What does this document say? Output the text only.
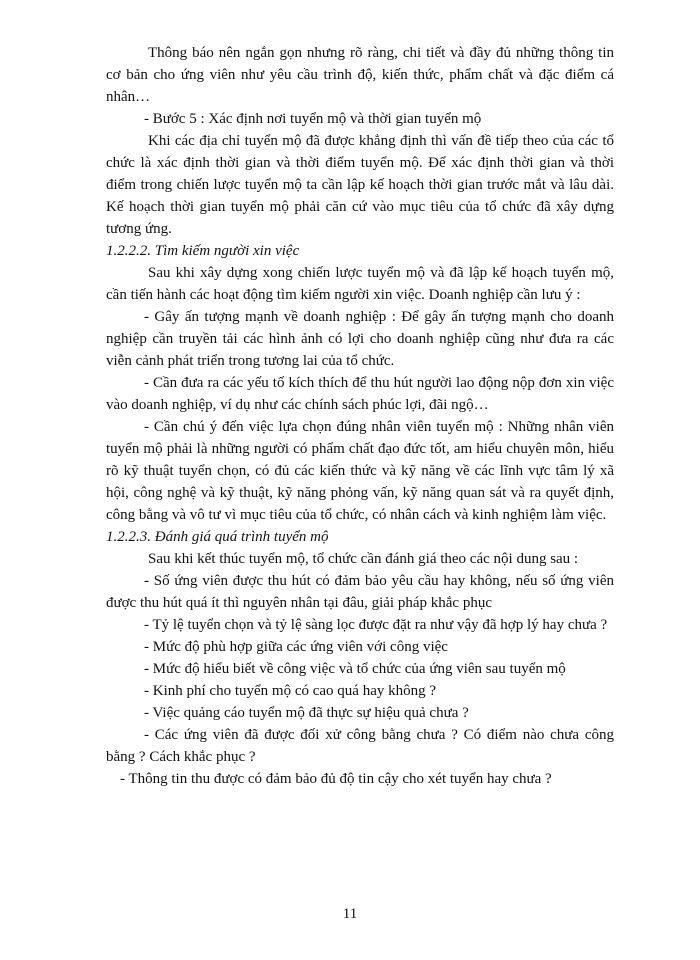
Thông báo nên ngắn gọn nhưng rõ ràng, chi tiết và đầy đủ những thông tin cơ bản cho ứng viên như yêu cầu trình độ, kiến thức, phẩm chất và đặc điểm cá nhân…

- Bước 5 : Xác định nơi tuyển mộ và thời gian tuyển mộ

Khi các địa chỉ tuyển mộ đã được khẳng định thì vấn đề tiếp theo của các tổ chức là xác định thời gian và thời điểm tuyển mộ. Để xác định thời gian và thời điểm trong chiến lược tuyển mộ ta cần lập kế hoạch thời gian trước mắt và lâu dài. Kế hoạch thời gian tuyển mộ phải căn cứ vào mục tiêu của tổ chức đã xây dựng tương ứng.

1.2.2.2. Tìm kiếm người xin việc

Sau khi xây dựng xong chiến lược tuyển mộ và đã lập kế hoạch tuyển mộ, cần tiến hành các hoạt động tìm kiếm người xin việc. Doanh nghiệp cần lưu ý :

- Gây ấn tượng mạnh về doanh nghiệp : Để gây ấn tượng mạnh cho doanh nghiệp cần truyền tải các hình ảnh có lợi cho doanh nghiệp cũng như đưa ra các viễn cảnh phát triển trong tương lai của tổ chức.

- Cần đưa ra các yếu tố kích thích để thu hút người lao động nộp đơn xin việc vào doanh nghiệp, ví dụ như các chính sách phúc lợi, đãi ngộ…

- Cần chú ý đến việc lựa chọn đúng nhân viên tuyển mộ : Những nhân viên tuyển mộ phải là những người có phẩm chất đạo đức tốt, am hiểu chuyên môn, hiểu rõ kỹ thuật tuyển chọn, có đủ các kiến thức và kỹ năng về các lĩnh vực tâm lý xã hội, công nghệ và kỹ thuật, kỹ năng phỏng vấn, kỹ năng quan sát và ra quyết định, công bằng và vô tư vì mục tiêu của tổ chức, có nhân cách và kinh nghiệm làm việc.

1.2.2.3. Đánh giá quá trình tuyển mộ

Sau khi kết thúc tuyển mộ, tổ chức cần đánh giá theo các nội dung sau :

- Số ứng viên được thu hút có đảm bảo yêu cầu hay không, nếu số ứng viên được thu hút quá ít thì nguyên nhân tại đâu, giải pháp khắc phục

- Tỷ lệ tuyển chọn và tỷ lệ sàng lọc được đặt ra như vậy đã hợp lý hay chưa ?

- Mức độ phù hợp giữa các ứng viên với công việc

- Mức độ hiểu biết về công việc và tổ chức của ứng viên sau tuyển mộ

- Kinh phí cho tuyển mộ có cao quá hay không ?

- Việc quảng cáo tuyển mộ đã thực sự hiệu quả chưa ?

- Các ứng viên đã được đối xử công bằng chưa ? Có điểm nào chưa công bằng ? Cách khắc phục ?

- Thông tin thu được có đảm bảo đủ độ tin cậy cho xét tuyển hay chưa ?

11
